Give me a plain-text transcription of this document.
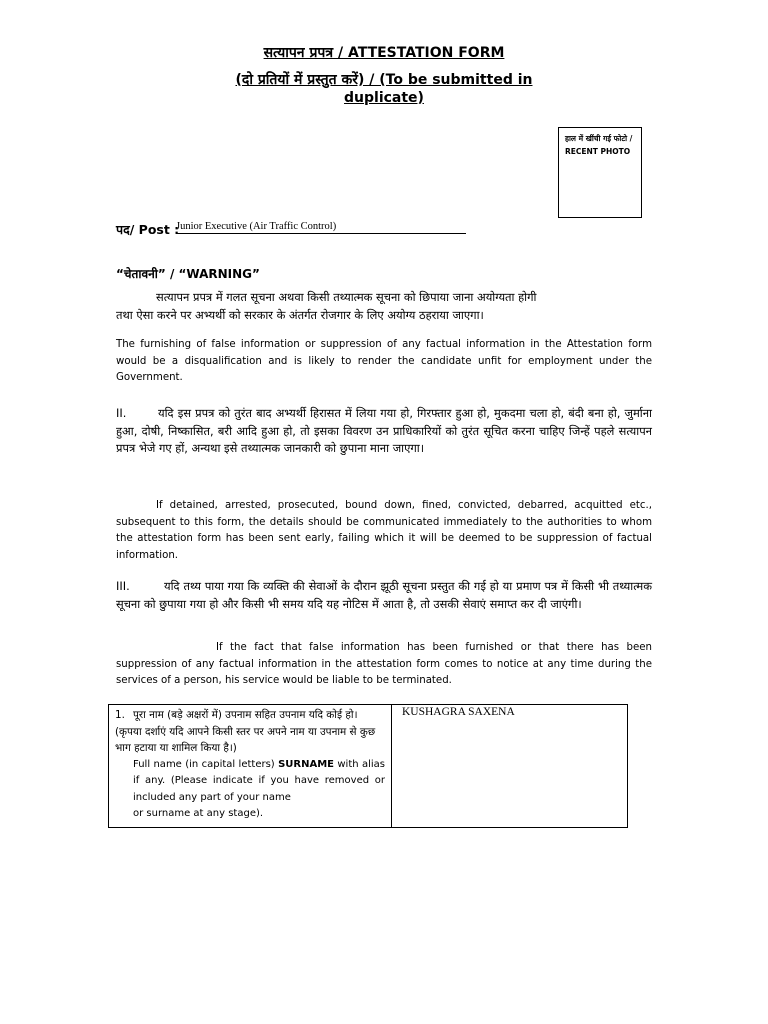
सत्यापन प्रपत्र / ATTESTATION FORM
(दो प्रतियों में प्रस्तुत करें) / (To be submitted in
duplicate)
हाल में खींची गई फोटो /
RECENT PHOTO
पद/ Post :
Junior Executive (Air Traffic Control)
“चेतावनी” / “WARNING”
सत्यापन प्रपत्र में गलत सूचना अथवा किसी तथ्यात्मक सूचना को छिपाया जाना अयोग्यता होगी
तथा ऐसा करने पर अभ्यर्थी को सरकार के अंतर्गत रोजगार के लिए अयोग्य ठहराया जाएगा।
The furnishing of false information or suppression of any factual information in the Attestation form would be a disqualification and is likely to render the candidate unfit for employment under the Government.
II.	यदि इस प्रपत्र को तुरंत बाद अभ्यर्थी हिरासत में लिया गया हो, गिरफ्तार हुआ हो, मुकदमा चला हो, बंदी बना हो, जुर्माना हुआ, दोषी, निष्कासित, बरी आदि हुआ हो, तो इसका विवरण उन प्राधिकारियों को तुरंत सूचित करना चाहिए जिन्हें पहले सत्यापन प्रपत्र भेजे गए हों, अन्यथा इसे तथ्यात्मक जानकारी को छुपाना माना जाएगा।
If detained, arrested, prosecuted, bound down, fined, convicted, debarred, acquitted etc., subsequent to this form, the details should be communicated immediately to the authorities to whom the attestation form has been sent early, failing which it will be deemed to be suppression of factual information.
III.	यदि तथ्य पाया गया कि व्यक्ति की सेवाओं के दौरान झूठी सूचना प्रस्तुत की गई हो या प्रमाण पत्र में किसी भी तथ्यात्मक सूचना को छुपाया गया हो और किसी भी समय यदि यह नोटिस में आता है, तो उसकी सेवाएं समाप्त कर दी जाएंगी।
If the fact that false information has been furnished or that there has been suppression of any factual information in the attestation form comes to notice at any time during the services of a person, his service would be liable to be terminated.
1. पूरा नाम (बड़े अक्षरों में) उपनाम सहित उपनाम यदि कोई हो। (कृपया दर्शाएं यदि आपने किसी स्तर पर अपने नाम या उपनाम से कुछ भाग हटाया या शामिल किया है।)
Full name (in capital letters) SURNAME with alias if any. (Please indicate if you have removed or included any part of your name
or surname at any stage).
	KUSHAGRA SAXENA
